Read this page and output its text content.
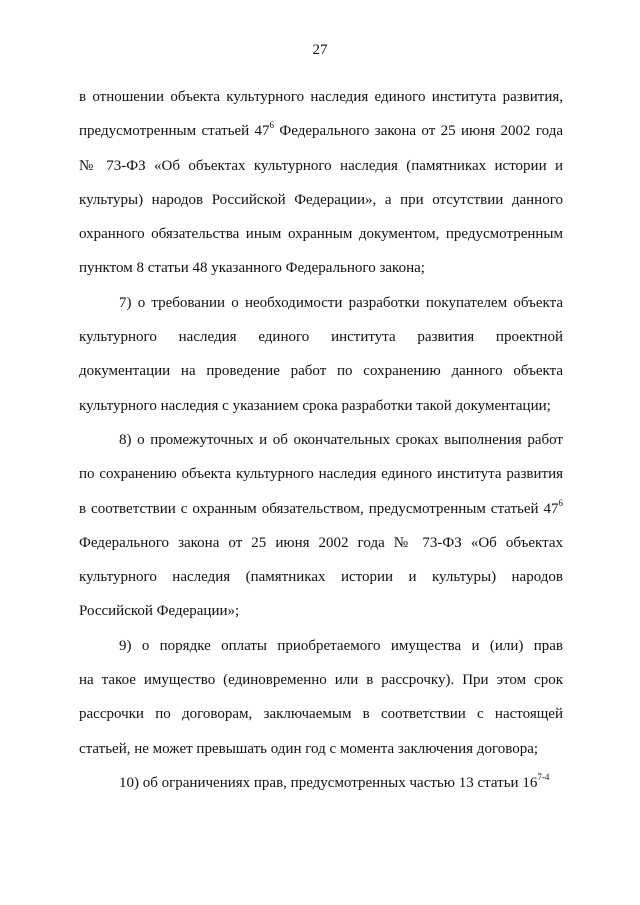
27
в отношении объекта культурного наследия единого института развития,
предусмотренным статьей $47^6$ Федерального закона от 25 июня 2002 года
№ 73-ФЗ «Об объектах культурного наследия (памятниках истории и
культуры) народов Российской Федерации», а при отсутствии данного
охранного обязательства иным охранным документом, предусмотренным
пунктом 8 статьи 48 указанного Федерального закона;
7) о требовании о необходимости разработки покупателем объекта
культурного наследия единого института развития проектной
документации на проведение работ по сохранению данного объекта
культурного наследия с указанием срока разработки такой документации;
8) о промежуточных и об окончательных сроках выполнения работ
по сохранению объекта культурного наследия единого института развития
в соответствии с охранным обязательством, предусмотренным статьей $47^6$
Федерального закона от 25 июня 2002 года № 73-ФЗ «Об объектах
культурного наследия (памятниках истории и культуры) народов
Российской Федерации»;
9) о порядке оплаты приобретаемого имущества и (или) прав
на такое имущество (единовременно или в рассрочку). При этом срок
рассрочки по договорам, заключаемым в соответствии с настоящей
статьей, не может превышать один год с момента заключения договора;
10) об ограничениях прав, предусмотренных частью 13 статьи 16$^{7-4}$
